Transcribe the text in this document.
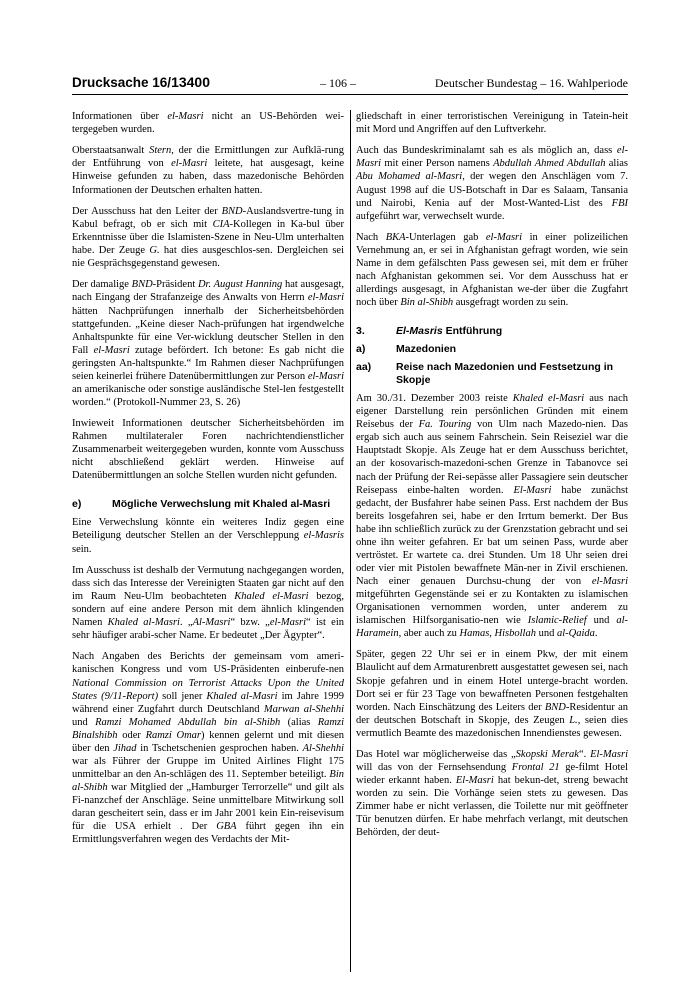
Drucksache 16/13400	– 106 –	Deutscher Bundestag – 16. Wahlperiode

Informationen über el-Masri nicht an US-Behörden wei-tergegeben wurden.

Oberstaatsanwalt Stern, der die Ermittlungen zur Aufklä-rung der Entführung von el-Masri leitete, hat ausgesagt, keine Hinweise gefunden zu haben, dass mazedonische Behörden Informationen der Deutschen erhalten hatten.

Der Ausschuss hat den Leiter der BND-Auslandsvertre-tung in Kabul befragt, ob er sich mit CIA-Kollegen in Ka-bul über Erkenntnisse über die Islamisten-Szene in Neu-Ulm unterhalten habe. Der Zeuge G. hat dies ausgeschlos-sen. Dergleichen sei nie Gesprächsgegenstand gewesen.

Der damalige BND-Präsident Dr. August Hanning hat ausgesagt, nach Eingang der Strafanzeige des Anwalts von Herrn el-Masri hätten Nachprüfungen innerhalb der Sicherheitsbehörden stattgefunden. „Keine dieser Nach-prüfungen hat irgendwelche Anhaltspunkte für eine Ver-wicklung deutscher Stellen in den Fall el-Masri zutage befördert. Ich betone: Es gab nicht die geringsten An-haltspunkte.“ Im Rahmen dieser Nachprüfungen seien keinerlei frühere Datenübermittlungen zur Person el-Masri an amerikanische oder sonstige ausländische Stel-len festgestellt worden.“ (Protokoll-Nummer 23, S. 26)

Inwieweit Informationen deutscher Sicherheitsbehörden im Rahmen multilateraler Foren nachrichtendienstlicher Zusammenarbeit weitergegeben wurden, konnte vom Ausschuss nicht abschließend geklärt werden. Hinweise auf Datenübermittlungen an solche Stellen wurden nicht gefunden.

e)	Mögliche Verwechslung mit Khaled al-Masri

Eine Verwechslung könnte ein weiteres Indiz gegen eine Beteiligung deutscher Stellen an der Verschleppung el-Masris sein.

Im Ausschuss ist deshalb der Vermutung nachgegangen worden, dass sich das Interesse der Vereinigten Staaten gar nicht auf den im Raum Neu-Ulm beobachteten Khaled el-Masri bezog, sondern auf eine andere Person mit dem ähnlich klingenden Namen Khaled al-Masri. „Al-Masri“ bzw. „el-Masri“ ist ein sehr häufiger arabi-scher Name. Er bedeutet „Der Ägypter“.

Nach Angaben des Berichts der gemeinsam vom ameri-kanischen Kongress und vom US-Präsidenten einberufe-nen National Commission on Terrorist Attacks Upon the United States (9/11-Report) soll jener Khaled al-Masri im Jahre 1999 während einer Zugfahrt durch Deutschland Marwan al-Shehhi und Ramzi Mohamed Abdullah bin al-Shibh (alias Ramzi Binalshibh oder Ramzi Omar) kennen gelernt und mit diesen über den Jihad in Tschetschenien gesprochen haben. Al-Shehhi war als Führer der Gruppe im United Airlines Flight 175 unmittelbar an den An-schlägen des 11. September beteiligt. Bin al-Shibh war Mitglied der „Hamburger Terrorzelle“ und gilt als Fi-nanzchef der Anschläge. Seine unmittelbare Mitwirkung soll daran gescheitert sein, dass er im Jahr 2001 kein Ein-reisevisum für die USA erhielt . Der GBA führt gegen ihn ein Ermittlungsverfahren wegen des Verdachts der Mit-

gliedschaft in einer terroristischen Vereinigung in Tatein-heit mit Mord und Angriffen auf den Luftverkehr.

Auch das Bundeskriminalamt sah es als möglich an, dass el-Masri mit einer Person namens Abdullah Ahmed Abdullah alias Abu Mohamed al-Masri, der wegen den Anschlägen vom 7. August 1998 auf die US-Botschaft in Dar es Salaam, Tansania und Nairobi, Kenia auf der Most-Wanted-List des FBI aufgeführt war, verwechselt wurde.

Nach BKA-Unterlagen gab el-Masri in einer polizeilichen Vernehmung an, er sei in Afghanistan gefragt worden, wie sein Name in dem gefälschten Pass gewesen sei, mit dem er früher nach Afghanistan gekommen sei. Vor dem Ausschuss hat er allerdings ausgesagt, in Afghanistan we-der über die Zugfahrt noch über Bin al-Shibh ausgefragt worden zu sein.

3.	El-Masris Entführung
a)	Mazedonien
aa)	Reise nach Mazedonien und Festsetzung in Skopje

Am 30./31. Dezember 2003 reiste Khaled el-Masri aus nach eigener Darstellung rein persönlichen Gründen mit einem Reisebus der Fa. Touring von Ulm nach Mazedo-nien. Das ergab sich auch aus seinem Fahrschein. Sein Reiseziel war die Hauptstadt Skopje. Als Zeuge hat er dem Ausschuss berichtet, an der kosovarisch-mazedoni-schen Grenze in Tabanovce sei nach der Prüfung der Rei-sepässe aller Passagiere sein deutscher Reisepass einbe-halten worden. El-Masri habe zunächst gedacht, der Busfahrer habe seinen Pass. Erst nachdem der Bus bereits losgefahren sei, habe er den Irrtum bemerkt. Der Bus habe ihn schließlich zurück zu der Grenzstation gebracht und sei ohne ihn weiter gefahren. Er bat um seinen Pass, wurde aber vertröstet. Er wartete ca. drei Stunden. Um 18 Uhr seien drei oder vier mit Pistolen bewaffnete Män-ner in Zivil erschienen. Nach einer genauen Durchsu-chung der von el-Masri mitgeführten Gegenstände sei er zu Kontakten zu islamischen Organisationen vernommen worden, unter anderem zu islamischen Hilfsorganisatio-nen wie Islamic-Relief und al-Haramein, aber auch zu Hamas, Hisbollah und al-Qaida.

Später, gegen 22 Uhr sei er in einem Pkw, der mit einem Blaulicht auf dem Armaturenbrett ausgestattet gewesen sei, nach Skopje gefahren und in einem Hotel unterge-bracht worden. Dort sei er für 23 Tage von bewaffneten Personen festgehalten worden. Nach Einschätzung des Leiters der BND-Residentur an der deutschen Botschaft in Skopje, des Zeugen L., seien dies vermutlich Beamte des mazedonischen Innendienstes gewesen.

Das Hotel war möglicherweise das „Skopski Merak“. El-Masri will das von der Fernsehsendung Frontal 21 ge-filmt Hotel wieder erkannt haben. El-Masri hat bekun-det, streng bewacht worden zu sein. Die Vorhänge seien stets zu gewesen. Das Zimmer habe er nicht verlassen, die Toilette nur mit geöffneter Tür benutzen dürfen. Er habe mehrfach verlangt, mit deutschen Behörden, der deut-
